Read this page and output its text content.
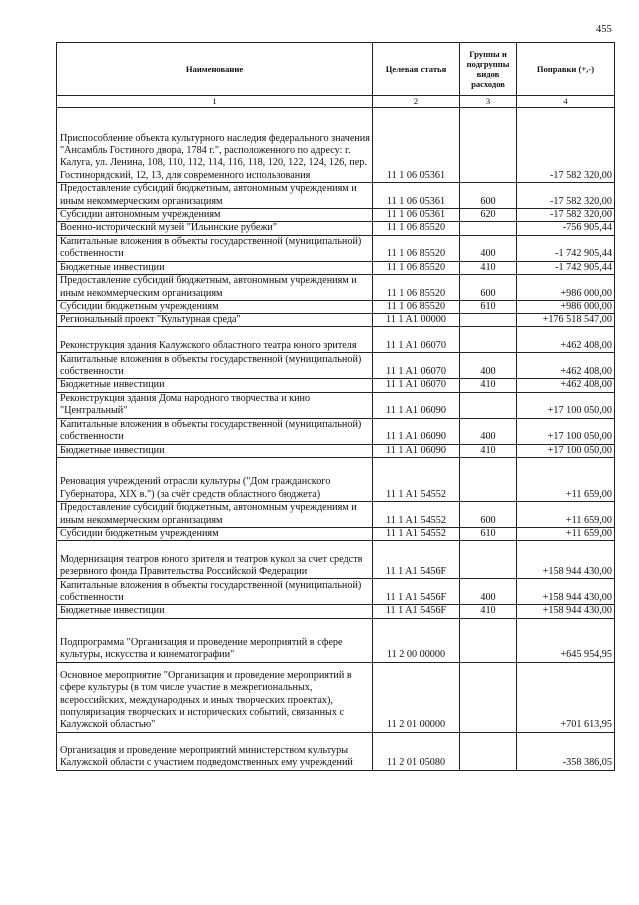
455
Наименование	Целевая статья	Группы и подгруппы видов расходов	Поправки (+,-)
1	2	3	4
Приспособление объекта культурного наследия федерального значения "Ансамбль Гостиного двора, 1784 г.", расположенного по адресу: г. Калуга, ул. Ленина, 108, 110, 112, 114, 116, 118, 120, 122, 124, 126, пер. Гостинорядский, 12, 13, для современного использования	11 1 06 05361		-17 582 320,00
Предоставление субсидий бюджетным, автономным учреждениям и иным некоммерческим организациям	11 1 06 05361	600	-17 582 320,00
Субсидии автономным учреждениям	11 1 06 05361	620	-17 582 320,00
Военно-исторический музей "Ильинские рубежи"	11 1 06 85520		-756 905,44
Капитальные вложения в объекты государственной (муниципальной) собственности	11 1 06 85520	400	-1 742 905,44
Бюджетные инвестиции	11 1 06 85520	410	-1 742 905,44
Предоставление субсидий бюджетным, автономным учреждениям и иным некоммерческим организациям	11 1 06 85520	600	+986 000,00
Субсидии бюджетным учреждениям	11 1 06 85520	610	+986 000,00
Региональный проект "Культурная среда"	11 1 A1 00000		+176 518 547,00
Реконструкция здания Калужского областного театра юного зрителя	11 1 A1 06070		+462 408,00
Капитальные вложения в объекты государственной (муниципальной) собственности	11 1 A1 06070	400	+462 408,00
Бюджетные инвестиции	11 1 A1 06070	410	+462 408,00
Реконструкция здания Дома народного творчества и кино "Центральный"	11 1 A1 06090		+17 100 050,00
Капитальные вложения в объекты государственной (муниципальной) собственности	11 1 A1 06090	400	+17 100 050,00
Бюджетные инвестиции	11 1 A1 06090	410	+17 100 050,00
Реновация учреждений отрасли культуры ("Дом гражданского Губернатора, XIX в.") (за счёт средств областного бюджета)	11 1 A1 54552		+11 659,00
Предоставление субсидий бюджетным, автономным учреждениям и иным некоммерческим организациям	11 1 A1 54552	600	+11 659,00
Субсидии бюджетным учреждениям	11 1 A1 54552	610	+11 659,00
Модернизация театров юного зрителя и театров кукол за счет средств резервного фонда Правительства Российской Федерации	11 1 A1 5456F		+158 944 430,00
Капитальные вложения в объекты государственной (муниципальной) собственности	11 1 A1 5456F	400	+158 944 430,00
Бюджетные инвестиции	11 1 A1 5456F	410	+158 944 430,00
Подпрограмма "Организация и проведение мероприятий в сфере культуры, искусства и кинематографии"	11 2 00 00000		+645 954,95
Основное мероприятие "Организация и проведение мероприятий в сфере культуры (в том числе участие в межрегиональных, всероссийских, международных и иных творческих проектах), популяризация творческих и исторических событий, связанных с Калужской областью"	11 2 01 00000		+701 613,95
Организация и проведение мероприятий министерством культуры Калужской области с участием подведомственных ему учреждений	11 2 01 05080		-358 386,05
